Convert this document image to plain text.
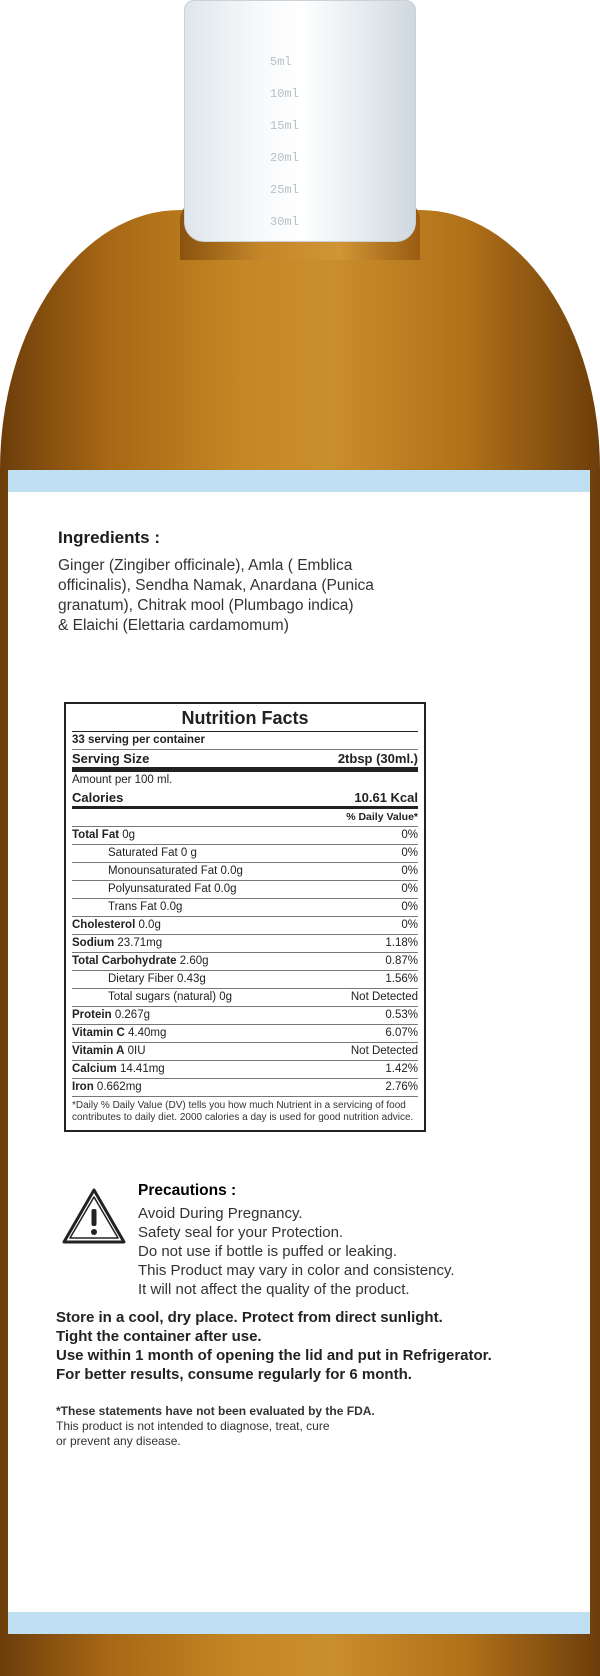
5ml
10ml
15ml
20ml
25ml
30ml
Ingredients :
Ginger (Zingiber officinale), Amla ( Emblica
officinalis), Sendha Namak, Anardana (Punica
granatum), Chitrak mool (Plumbago indica)
& Elaichi (Elettaria cardamomum)
Nutrition Facts
33 serving per container
Serving Size	2tbsp (30ml.)
Amount per 100 ml.
Calories	10.61 Kcal
% Daily Value*
Total Fat 0g	0%
Saturated Fat 0 g	0%
Monounsaturated Fat 0.0g	0%
Polyunsaturated Fat 0.0g	0%
Trans Fat 0.0g	0%
Cholesterol 0.0g	0%
Sodium 23.71mg	1.18%
Total Carbohydrate 2.60g	0.87%
Dietary Fiber 0.43g	1.56%
Total sugars (natural) 0g	Not Detected
Protein 0.267g	0.53%
Vitamin C 4.40mg	6.07%
Vitamin A 0IU	Not Detected
Calcium 14.41mg	1.42%
Iron 0.662mg	2.76%
*Daily % Daily Value (DV) tells you how much Nutrient in a servicing of food contributes to daily diet. 2000 calories a day is used for good nutrition advice.
Precautions :
Avoid During Pregnancy.
Safety seal for your Protection.
Do not use if bottle is puffed or leaking.
This Product may vary in color and consistency.
It will not affect the quality of the product.
Store in a cool, dry place. Protect from direct sunlight.
Tight the container after use.
Use within 1 month of opening the lid and put in Refrigerator.
For better results, consume regularly for 6 month.
*These statements have not been evaluated by the FDA.
This product is not intended to diagnose, treat, cure
or prevent any disease.
